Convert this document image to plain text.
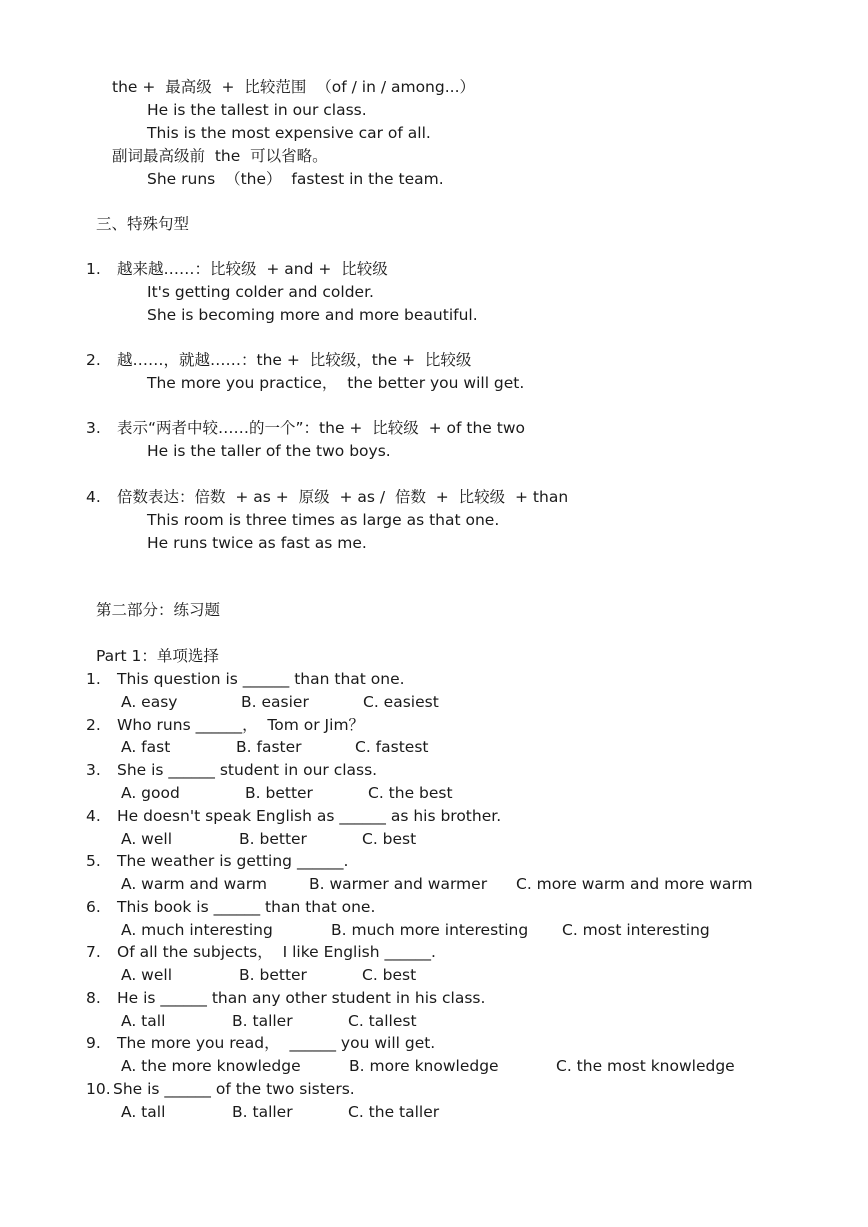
the +  最高级  +  比较范围  （of / in / among...）
He is the tallest in our class.
This is the most expensive car of all.
副词最高级前  the  可以省略。
She runs  （the）  fastest in the team.
三、特殊句型
1. 越来越……：比较级  + and +  比较级
It's getting colder and colder.
She is becoming more and more beautiful.
2. 越……，就越……：the +  比较级，the +  比较级
The more you practice，  the better you will get.
3. 表示“两者中较……的一个”：the +  比较级  + of the two
He is the taller of the two boys.
4. 倍数表达：倍数  + as +  原级  + as /  倍数  +  比较级  + than
This room is three times as large as that one.
He runs twice as fast as me.
第二部分：练习题
Part 1：单项选择
1. This question is ______ than that one.
A. easy	B. easier	C. easiest
2. Who runs ______，  Tom or Jim？
A. fast	B. faster	C. fastest
3. She is ______ student in our class.
A. good	B. better	C. the best
4. He doesn't speak English as ______ as his brother.
A. well	B. better	C. best
5. The weather is getting ______.
A. warm and warm	B. warmer and warmer C. more warm and more warm
6. This book is ______ than that one.
A. much interesting	B. much more interesting C. most interesting
7. Of all the subjects，  I like English ______.
A. well	B. better	C. best
8. He is ______ than any other student in his class.
A. tall	B. taller	C. tallest
9. The more you read，  ______ you will get.
A. the more knowledge	B. more knowledge	C. the most knowledge
10. She is ______ of the two sisters.
A. tall	B. taller	C. the taller
